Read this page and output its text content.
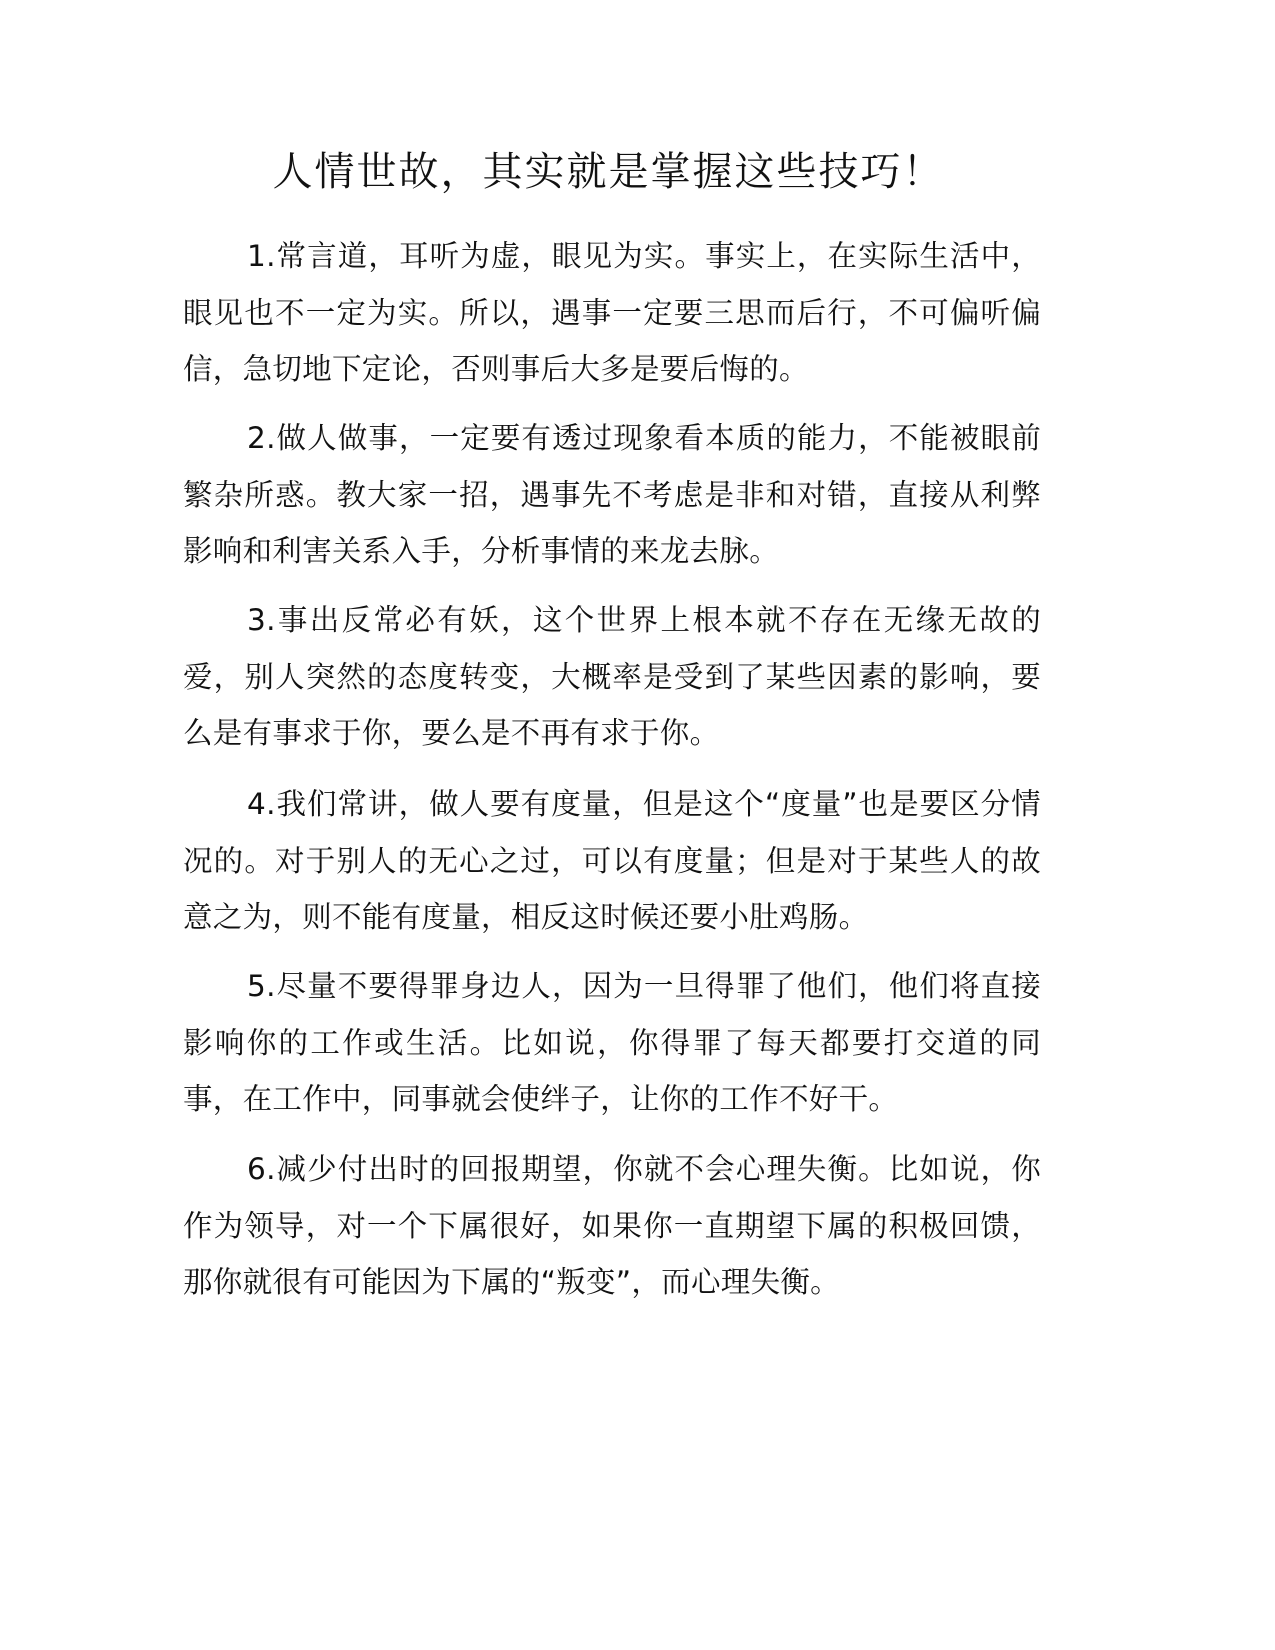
人情世故，其实就是掌握这些技巧！

1.常言道，耳听为虚，眼见为实。事实上，在实际生活中，眼见也不一定为实。所以，遇事一定要三思而后行，不可偏听偏信，急切地下定论，否则事后大多是要后悔的。

2.做人做事，一定要有透过现象看本质的能力，不能被眼前繁杂所惑。教大家一招，遇事先不考虑是非和对错，直接从利弊影响和利害关系入手，分析事情的来龙去脉。

3.事出反常必有妖，这个世界上根本就不存在无缘无故的爱，别人突然的态度转变，大概率是受到了某些因素的影响，要么是有事求于你，要么是不再有求于你。

4.我们常讲，做人要有度量，但是这个“度量”也是要区分情况的。对于别人的无心之过，可以有度量；但是对于某些人的故意之为，则不能有度量，相反这时候还要小肚鸡肠。

5.尽量不要得罪身边人，因为一旦得罪了他们，他们将直接影响你的工作或生活。比如说，你得罪了每天都要打交道的同事，在工作中，同事就会使绊子，让你的工作不好干。

6.减少付出时的回报期望，你就不会心理失衡。比如说，你作为领导，对一个下属很好，如果你一直期望下属的积极回馈，那你就很有可能因为下属的“叛变”，而心理失衡。
